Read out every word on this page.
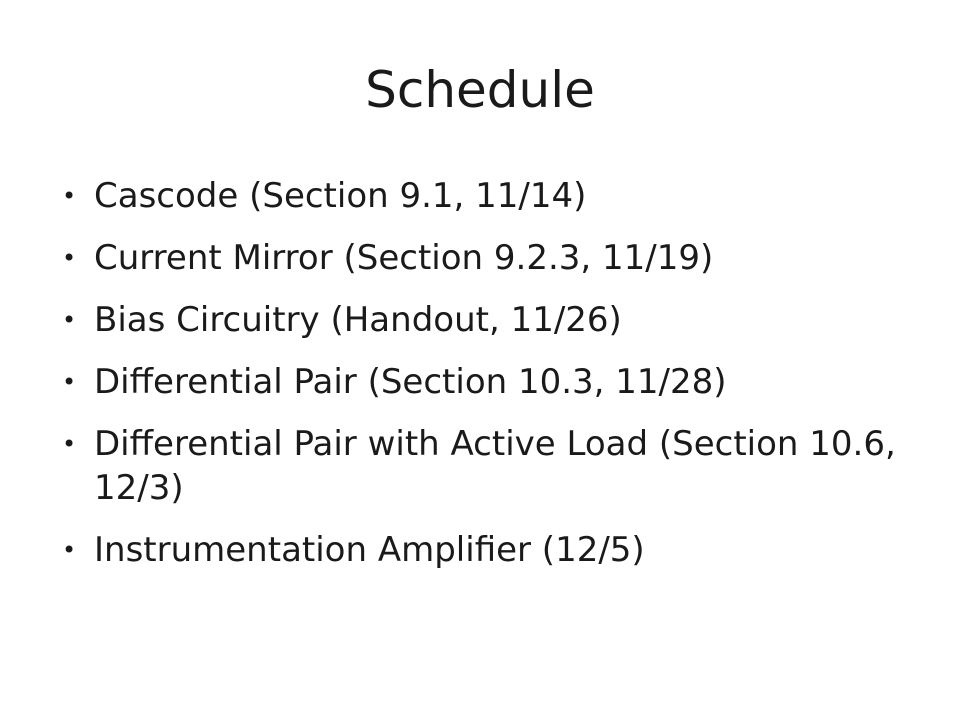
Schedule
• Cascode (Section 9.1, 11/14)
• Current Mirror (Section 9.2.3, 11/19)
• Bias Circuitry (Handout, 11/26)
• Differential Pair (Section 10.3, 11/28)
• Differential Pair with Active Load (Section 10.6, 12/3)
• Instrumentation Amplifier (12/5)
